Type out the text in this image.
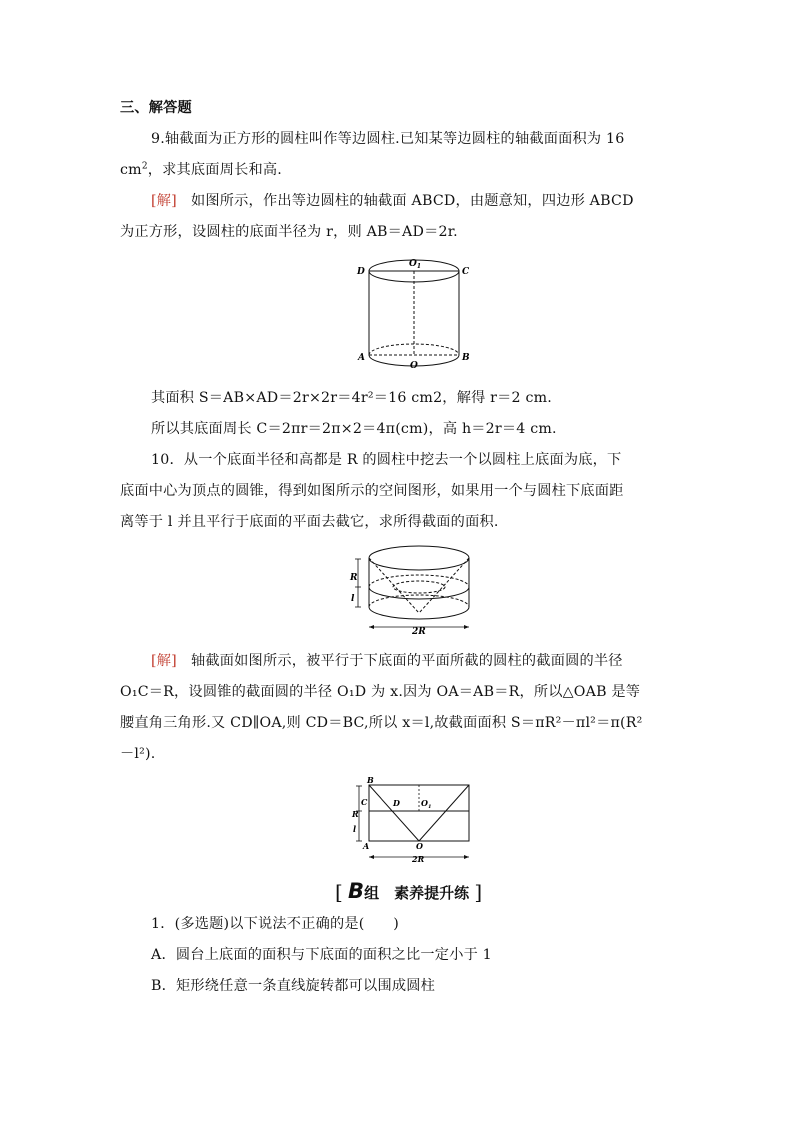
三、解答题
9.轴截面为正方形的圆柱叫作等边圆柱.已知某等边圆柱的轴截面面积为 16
$cm^2$，求其底面周长和高.
[解] 如图所示，作出等边圆柱的轴截面 ABCD，由题意知，四边形 ABCD
为正方形，设圆柱的底面半径为 r，则 AB＝AD＝2r.
D
$O_1$
C
A
O
B
其面积 S＝AB×AD＝2r×2r＝4r²＝16 cm2，解得 r＝2 cm.
所以其底面周长 C＝2πr＝2π×2＝4π(cm)，高 h＝2r＝4 cm.
10．从一个底面半径和高都是 R 的圆柱中挖去一个以圆柱上底面为底，下
底面中心为顶点的圆锥，得到如图所示的空间图形，如果用一个与圆柱下底面距
离等于 l 并且平行于底面的平面去截它，求所得截面的面积.
R
l
2R
[解] 轴截面如图所示，被平行于下底面的平面所截的圆柱的截面圆的半径
O₁C＝R，设圆锥的截面圆的半径 O₁D 为 x.因为 OA＝AB＝R，所以△OAB 是等
腰直角三角形.又 CD∥OA,则 CD＝BC,所以 x＝l,故截面面积 S＝πR²－πl²＝π(R²
－l²).
B
C	D	$O_1$
R
l
A	O
2R
[ B组　素养提升练 ]
1．(多选题)以下说法不正确的是(　　)
A．圆台上底面的面积与下底面的面积之比一定小于 1
B．矩形绕任意一条直线旋转都可以围成圆柱
